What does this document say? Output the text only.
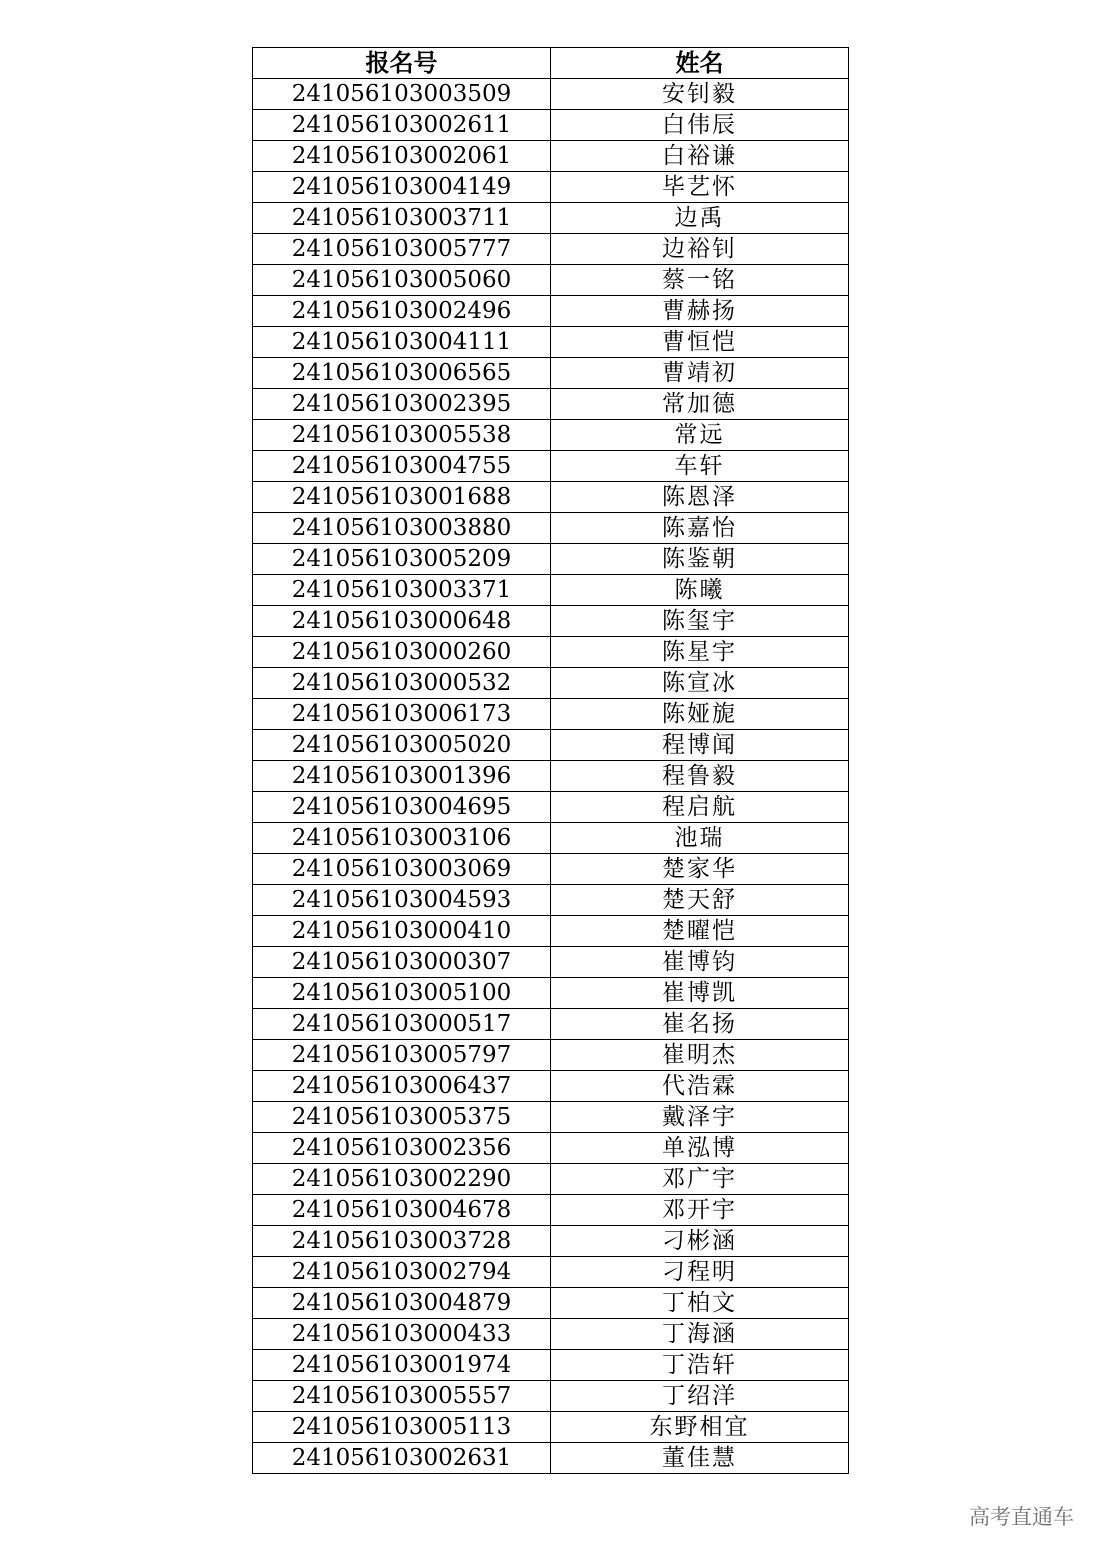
报名号	姓名
241056103003509	安钊毅
241056103002611	白伟辰
241056103002061	白裕谦
241056103004149	毕艺怀
241056103003711	边禹
241056103005777	边裕钊
241056103005060	蔡一铭
241056103002496	曹赫扬
241056103004111	曹恒恺
241056103006565	曹靖初
241056103002395	常加德
241056103005538	常远
241056103004755	车轩
241056103001688	陈恩泽
241056103003880	陈嘉怡
241056103005209	陈鉴朝
241056103003371	陈曦
241056103000648	陈玺宇
241056103000260	陈星宇
241056103000532	陈宣冰
241056103006173	陈娅旎
241056103005020	程博闻
241056103001396	程鲁毅
241056103004695	程启航
241056103003106	池瑞
241056103003069	楚家华
241056103004593	楚天舒
241056103000410	楚曜恺
241056103000307	崔博钧
241056103005100	崔博凯
241056103000517	崔名扬
241056103005797	崔明杰
241056103006437	代浩霖
241056103005375	戴泽宇
241056103002356	单泓博
241056103002290	邓广宇
241056103004678	邓开宇
241056103003728	刁彬涵
241056103002794	刁程明
241056103004879	丁柏文
241056103000433	丁海涵
241056103001974	丁浩轩
241056103005557	丁绍洋
241056103005113	东野相宜
241056103002631	董佳慧
高考直通车
